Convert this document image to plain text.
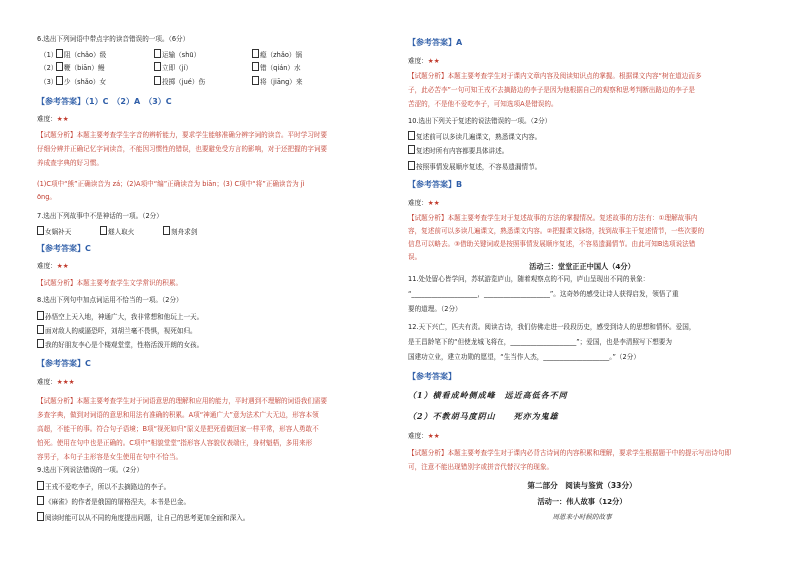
6.选出下列词语中带点字的读音错误的一项。（6分）
（1） 阻（chǎo）级	运输（shū）	瘾（zhǎo）锅
（2） 鞭（biān）鳗	立即（jí）	错（qián）水
（3） 少（shǎo）女	投掷（jué）伤	将（jiāng）来
【参考答案】（1）C　（2）A　（3）C
难度：★★
【试题分析】本题主要考查学生字音的辨析能力，要求学生能够准确分辨字词的读音。平时学习时要
仔细分辨并正确记忆字词读音，不能因习惯性的错误，也要避免受方言的影响，对于还把握的字词要
养成查字典的好习惯。
(1)C项中“熊”正确读音为 zá；(2)A项中“编”正确读音为 biān；(3) C项中“将”正确读音为 jì
ōng。
7.选出下列故事中不是神话的一项。（2分）
女娲补天	燧人取火	刻舟求剑
【参考答案】C
难度：★★
【试题分析】本题主要考查学生文学常识的积累。
8.选出下列句中加点词运用不恰当的一项。（2分）
孙悟空上天入地，神通广大，我非常想和他玩上一天。
面对敌人的威逼恐吓，刘胡兰毫不畏惧，视死如归。
我的好朋友李心是个楼观堂堂，性格活泼开朗的女孩。
【参考答案】C
难度：★★★
【试题分析】本题主要考查学生对于词语意思的理解和应用的能力，平时遇到不理解的词语我们需要
多查字典，做到对词语的意思和用法有准确的积累。A项“神通广大”意为法术广大无边，形容本领
高超，不能干的事。符合句子语境；B项“视死如归”原义是把死看做回家一样平常，形容人勇敢不
怕死。使用在句中也是正确的。C项中“相貌堂堂”指形容人容貌仪表端庄，身材魁梧，多用来形
容男子，本句子主形容是女生使用在句中不恰当。
9.选出下列说法错误的一项。（2分）
王戎不爱吃李子，所以不去摘路边的李子。
《麻雀》的作者是俄国的屠格涅夫，本书是巴金。
阅读时能可以从不同的角度提出问题，让自己的思考更加全面和深入。
【参考答案】A
难度：★★
【试题分析】本题主要考查学生对于课内文章内容及阅读知识点的掌握。根据课文内容“树在道边而多
子，此必苦李”一句可知王戎不去摘路边的李子是因为他根据自己的观察和思考判断出路边的李子是
苦涩的，不是他不爱吃李子，可知选项A是错误的。
10.选出下列关于复述的说法错误的一项。（2分）
复述前可以多读几遍课文，熟悉课文内容。
复述时所有内容都要具体讲述。
按照事情发展顺序复述，不容易遗漏情节。
【参考答案】B
难度：★★
【试题分析】本题主要考查学生对于复述故事的方法的掌握情况。复述故事的方法有：①理解故事内
容，复述前可以多读几遍课文，熟悉课文内容。②把握课文脉络，找到故事主干复述情节，一些次要的
信息可以略去。③借助关键词或是按照事情发展顺序复述，不容易遗漏情节。由此可知B选项说法错
误。
活动三：堂堂正正中国人（4分）
11.处处留心皆学问，苏轼游览庐山，随着观察点的不同，庐山呈现出不同的景象：
“____________________，____________________”。这奇妙的感受让诗人获得启发，领悟了重
要的道理。（2分）
12.天下兴亡，匹夫有责。阅读古诗，我们仿佛走进一段段历史，感受到诗人的思想和情怀。爱国，
是王昌龄笔下的“但使龙城飞将在，____________________”；爱国，也是李清照写下想要为
国建功立业，建立功勋的愿望，“生当作人杰，____________________。”（2分）
【参考答案】
（1）横看成岭侧成峰　远近高低各不同
（2）不教胡马度阴山　　死亦为鬼雄
难度：★★
【试题分析】本题主要考查学生对于课内必背古诗词的内容积累和理解，要求学生根据题干中的提示写出诗句即
可，注意不能出现错别字或拼音代替汉字的现象。
第二部分　阅读与鉴赏（33分）
活动一：伟人故事（12分）
周恩来小时候的故事
